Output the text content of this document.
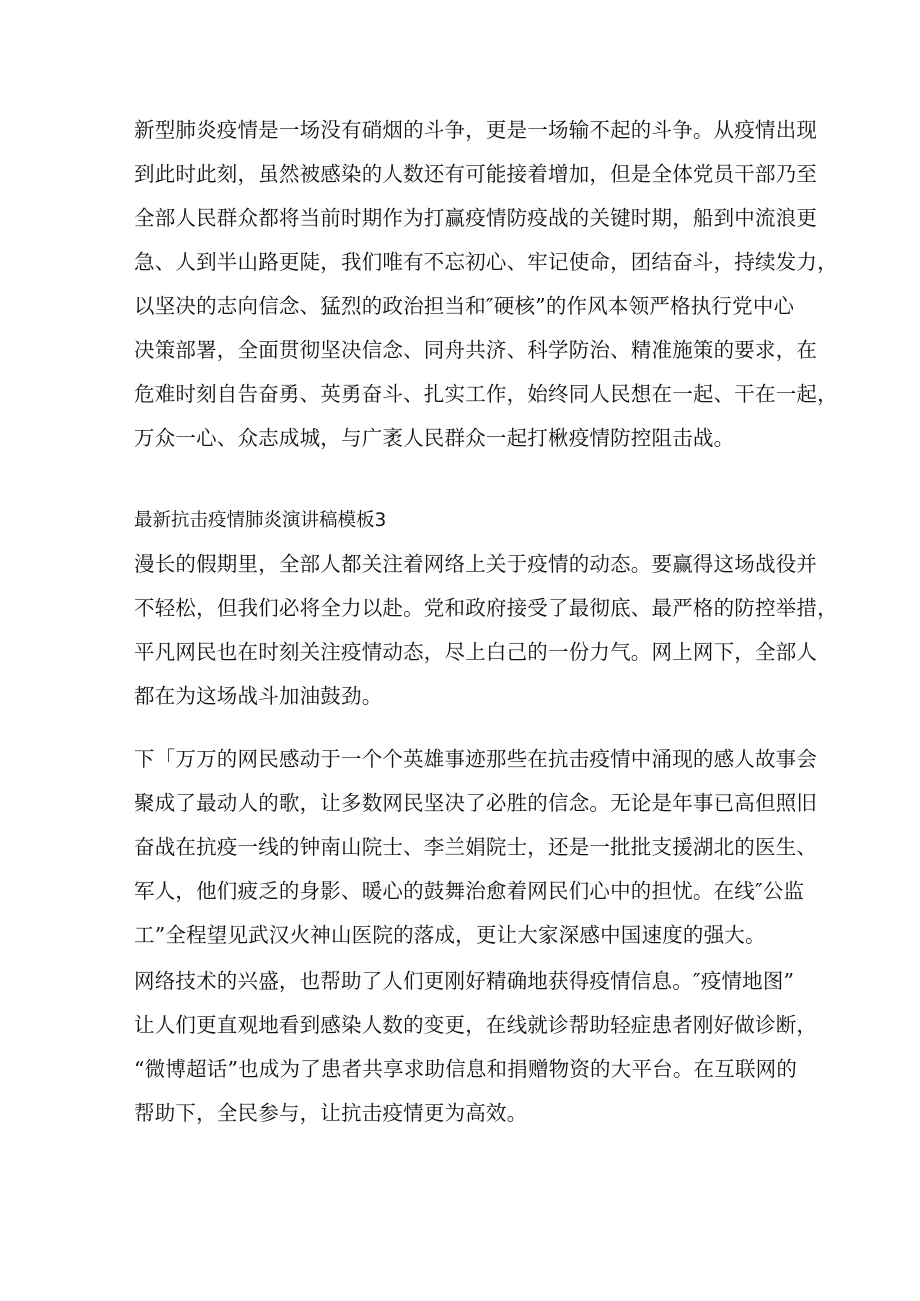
新型肺炎疫情是一场没有硝烟的斗争，更是一场输不起的斗争。从疫情出现
到此时此刻，虽然被感染的人数还有可能接着增加，但是全体党员干部乃至
全部人民群众都将当前时期作为打赢疫情防疫战的关键时期，船到中流浪更
急、人到半山路更陡，我们唯有不忘初心、牢记使命，团结奋斗，持续发力，
以坚决的志向信念、猛烈的政治担当和″硬核”的作风本领严格执行党中心
决策部署，全面贯彻坚决信念、同舟共济、科学防治、精准施策的要求，在
危难时刻自告奋勇、英勇奋斗、扎实工作，始终同人民想在一起、干在一起，
万众一心、众志成城，与广袤人民群众一起打楸疫情防控阻击战。
最新抗击疫情肺炎演讲稿模板3
漫长的假期里，全部人都关注着网络上关于疫情的动态。要赢得这场战役并
不轻松，但我们必将全力以赴。党和政府接受了最彻底、最严格的防控举措，
平凡网民也在时刻关注疫情动态，尽上白己的一份力气。网上网下，全部人
都在为这场战斗加油鼓劲。
下「万万的网民感动于一个个英雄事迹那些在抗击疫情中涌现的感人故事会
聚成了最动人的歌，让多数网民坚决了必胜的信念。无论是年事已高但照旧
奋战在抗疫一线的钟南山院士、李兰娟院士，还是一批批支援湖北的医生、
军人，他们疲乏的身影、暖心的鼓舞治愈着网民们心中的担忧。在线″公监
工”全程望见武汉火神山医院的落成，更让大家深感中国速度的强大。
网络技术的兴盛，也帮助了人们更刚好精确地获得疫情信息。″疫情地图”
让人们更直观地看到感染人数的变更，在线就诊帮助轻症患者刚好做诊断，
“微博超话”也成为了患者共享求助信息和捐赠物资的大平台。在互联网的
帮助下，全民参与，让抗击疫情更为高效。
